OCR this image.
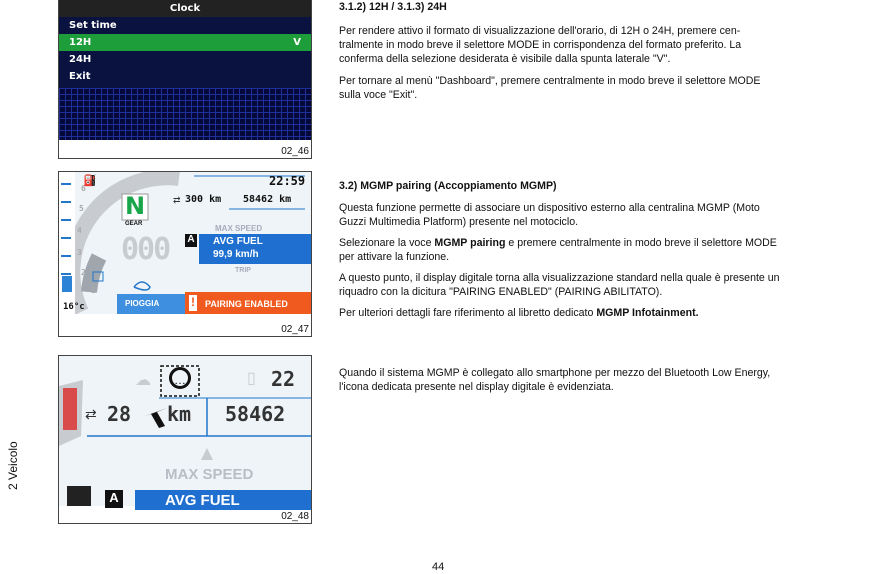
2 Veicolo
Clock
Set time
12H	V
24H
Exit
02_46
6
5
4
3
2
1
⛽	22:59
⇄ 300 km 58462 km
N
GEAR	MAX SPEED
000 A AVG FUEL
99,9 km/h
TRIP
PIOGGIA
16°c	! PAIRING ENABLED
02_47
…
☁	▯ 22
⇄ 28 km 58462
MAX SPEED
A	AVG FUEL
02_48
3.1.2) 12H / 3.1.3) 24H

Per rendere attivo il formato di visualizzazione dell'orario, di 12H o 24H, premere cen-tralmente in modo breve il selettore MODE in corrispondenza del formato preferito. La conferma della selezione desiderata è visibile dalla spunta laterale "V".

Per tornare al menù "Dashboard", premere centralmente in modo breve il selettore MODE sulla voce "Exit".

3.2) MGMP pairing (Accoppiamento MGMP)

Questa funzione permette di associare un dispositivo esterno alla centralina MGMP (Moto Guzzi Multimedia Platform) presente nel motociclo.

Selezionare la voce MGMP pairing e premere centralmente in modo breve il selettore MODE per attivare la funzione.

A questo punto, il display digitale torna alla visualizzazione standard nella quale è presente un riquadro con la dicitura "PAIRING ENABLED" (PAIRING ABILITATO).

Per ulteriori dettagli fare riferimento al libretto dedicato MGMP Infotainment.

Quando il sistema MGMP è collegato allo smartphone per mezzo del Bluetooth Low Energy, l'icona dedicata presente nel display digitale è evidenziata.

44
